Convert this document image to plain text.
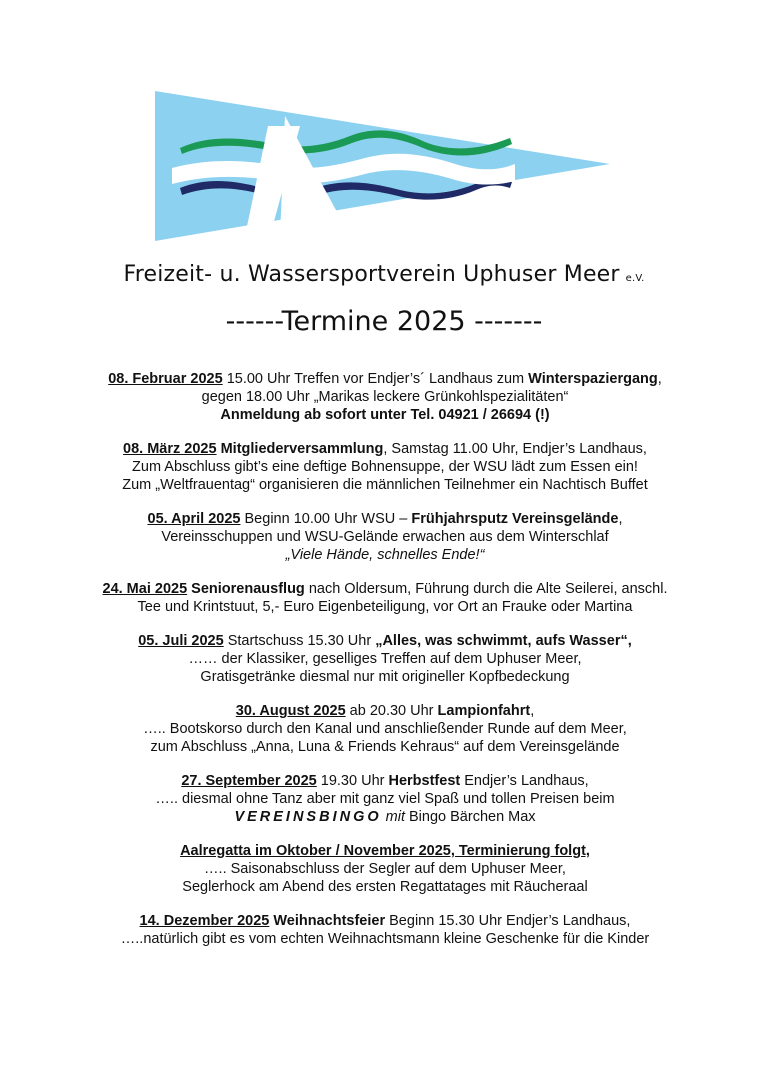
Freizeit- u. Wassersportverein Uphuser Meer e.V.
------Termine 2025 -------
08. Februar 2025 15.00 Uhr Treffen vor Endjer’s´ Landhaus zum Winterspaziergang,
gegen 18.00 Uhr „Marikas leckere Grünkohlspezialitäten“
Anmeldung ab sofort unter Tel. 04921 / 26694 (!)
08. März 2025 Mitgliederversammlung, Samstag 11.00 Uhr, Endjer’s Landhaus,
Zum Abschluss gibt’s eine deftige Bohnensuppe, der WSU lädt zum Essen ein!
Zum „Weltfrauentag“ organisieren die männlichen Teilnehmer ein Nachtisch Buffet
05. April 2025 Beginn 10.00 Uhr WSU – Frühjahrsputz Vereinsgelände,
Vereinsschuppen und WSU-Gelände erwachen aus dem Winterschlaf
„Viele Hände, schnelles Ende!“
24. Mai 2025 Seniorenausflug nach Oldersum, Führung durch die Alte Seilerei, anschl.
Tee und Krintstuut, 5,- Euro Eigenbeteiligung, vor Ort an Frauke oder Martina
05. Juli 2025 Startschuss 15.30 Uhr „Alles, was schwimmt, aufs Wasser“,
…… der Klassiker, geselliges Treffen auf dem Uphuser Meer,
Gratisgetränke diesmal nur mit origineller Kopfbedeckung
30. August 2025 ab 20.30 Uhr Lampionfahrt,
….. Bootskorso durch den Kanal und anschließender Runde auf dem Meer,
zum Abschluss „Anna, Luna & Friends Kehraus“ auf dem Vereinsgelände
27. September 2025 19.30 Uhr Herbstfest Endjer’s Landhaus,
….. diesmal ohne Tanz aber mit ganz viel Spaß und tollen Preisen beim
VEREINSBINGO mit Bingo Bärchen Max
Aalregatta im Oktober / November 2025, Terminierung folgt,
….. Saisonabschluss der Segler auf dem Uphuser Meer,
Seglerhock am Abend des ersten Regattatages mit Räucheraal
14. Dezember 2025 Weihnachtsfeier Beginn 15.30 Uhr Endjer’s Landhaus,
…..natürlich gibt es vom echten Weihnachtsmann kleine Geschenke für die Kinder
